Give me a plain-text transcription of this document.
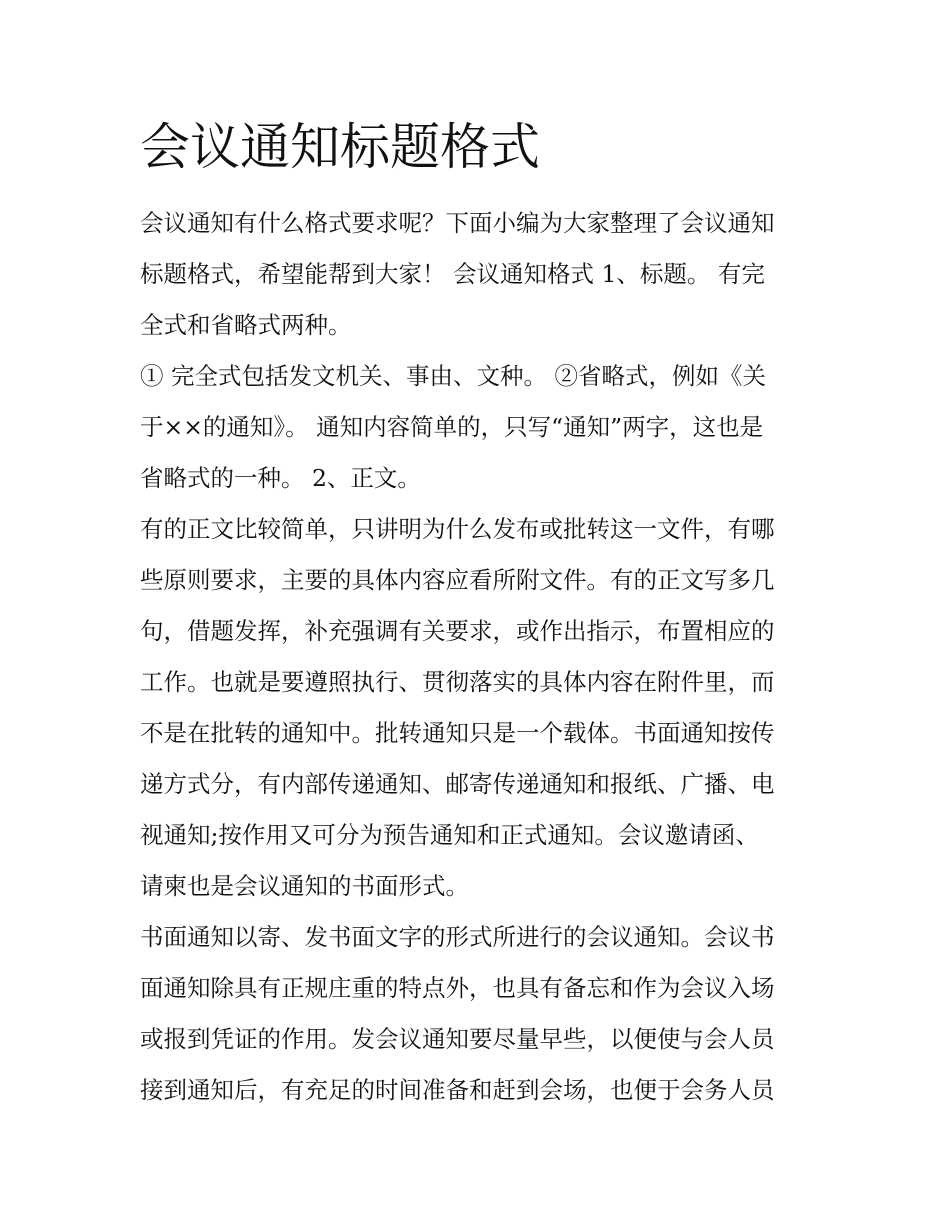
会议通知标题格式
会议通知有什么格式要求呢？下面小编为大家整理了会议通知
标题格式，希望能帮到大家！ 会议通知格式 1、标题。 有完
全式和省略式两种。
① 完全式包括发文机关、事由、文种。 ②省略式，例如《关
于××的通知》。 通知内容简单的，只写“通知”两字，这也是
省略式的一种。 2、正文。
有的正文比较简单，只讲明为什么发布或批转这一文件，有哪
些原则要求，主要的具体内容应看所附文件。有的正文写多几
句，借题发挥，补充强调有关要求，或作出指示，布置相应的
工作。也就是要遵照执行、贯彻落实的具体内容在附件里，而
不是在批转的通知中。批转通知只是一个载体。书面通知按传
递方式分，有内部传递通知、邮寄传递通知和报纸、广播、电
视通知;按作用又可分为预告通知和正式通知。会议邀请函、
请柬也是会议通知的书面形式。
书面通知以寄、发书面文字的形式所进行的会议通知。会议书
面通知除具有正规庄重的特点外，也具有备忘和作为会议入场
或报到凭证的作用。发会议通知要尽量早些，以便使与会人员
接到通知后，有充足的时间准备和赶到会场，也便于会务人员
